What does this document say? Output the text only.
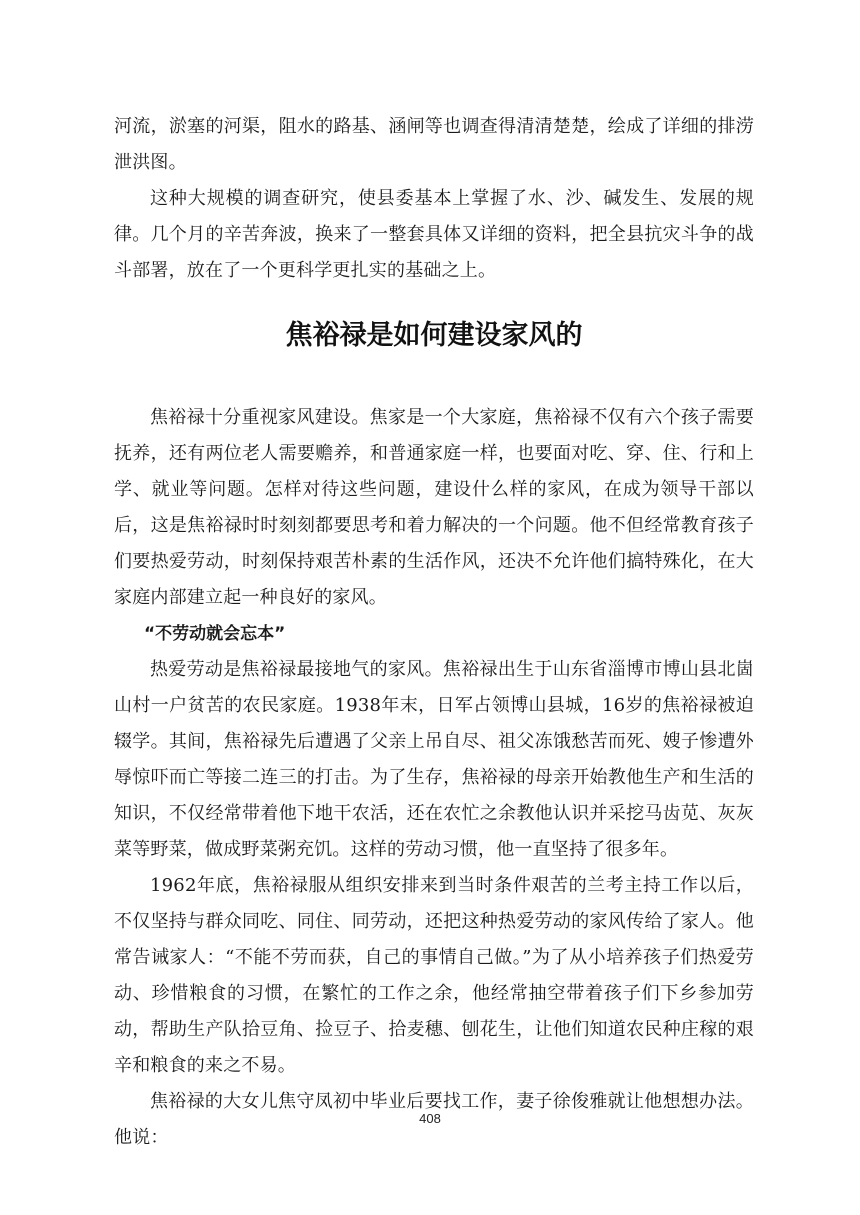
河流，淤塞的河渠，阻水的路基、涵闸等也调查得清清楚楚，绘成了详细的排涝泄洪图。

这种大规模的调查研究，使县委基本上掌握了水、沙、碱发生、发展的规律。几个月的辛苦奔波，换来了一整套具体又详细的资料，把全县抗灾斗争的战斗部署，放在了一个更科学更扎实的基础之上。

焦裕禄是如何建设家风的

焦裕禄十分重视家风建设。焦家是一个大家庭，焦裕禄不仅有六个孩子需要抚养，还有两位老人需要赡养，和普通家庭一样，也要面对吃、穿、住、行和上学、就业等问题。怎样对待这些问题，建设什么样的家风，在成为领导干部以后，这是焦裕禄时时刻刻都要思考和着力解决的一个问题。他不但经常教育孩子们要热爱劳动，时刻保持艰苦朴素的生活作风，还决不允许他们搞特殊化，在大家庭内部建立起一种良好的家风。

“不劳动就会忘本”

热爱劳动是焦裕禄最接地气的家风。焦裕禄出生于山东省淄博市博山县北崮山村一户贫苦的农民家庭。1938年末，日军占领博山县城，16岁的焦裕禄被迫辍学。其间，焦裕禄先后遭遇了父亲上吊自尽、祖父冻饿愁苦而死、嫂子惨遭外辱惊吓而亡等接二连三的打击。为了生存，焦裕禄的母亲开始教他生产和生活的知识，不仅经常带着他下地干农活，还在农忙之余教他认识并采挖马齿苋、灰灰菜等野菜，做成野菜粥充饥。这样的劳动习惯，他一直坚持了很多年。

1962年底，焦裕禄服从组织安排来到当时条件艰苦的兰考主持工作以后，不仅坚持与群众同吃、同住、同劳动，还把这种热爱劳动的家风传给了家人。他常告诫家人：“不能不劳而获，自己的事情自己做。”为了从小培养孩子们热爱劳动、珍惜粮食的习惯，在繁忙的工作之余，他经常抽空带着孩子们下乡参加劳动，帮助生产队拾豆角、捡豆子、拾麦穗、刨花生，让他们知道农民种庄稼的艰辛和粮食的来之不易。

焦裕禄的大女儿焦守凤初中毕业后要找工作，妻子徐俊雅就让他想想办法。他说：

408
